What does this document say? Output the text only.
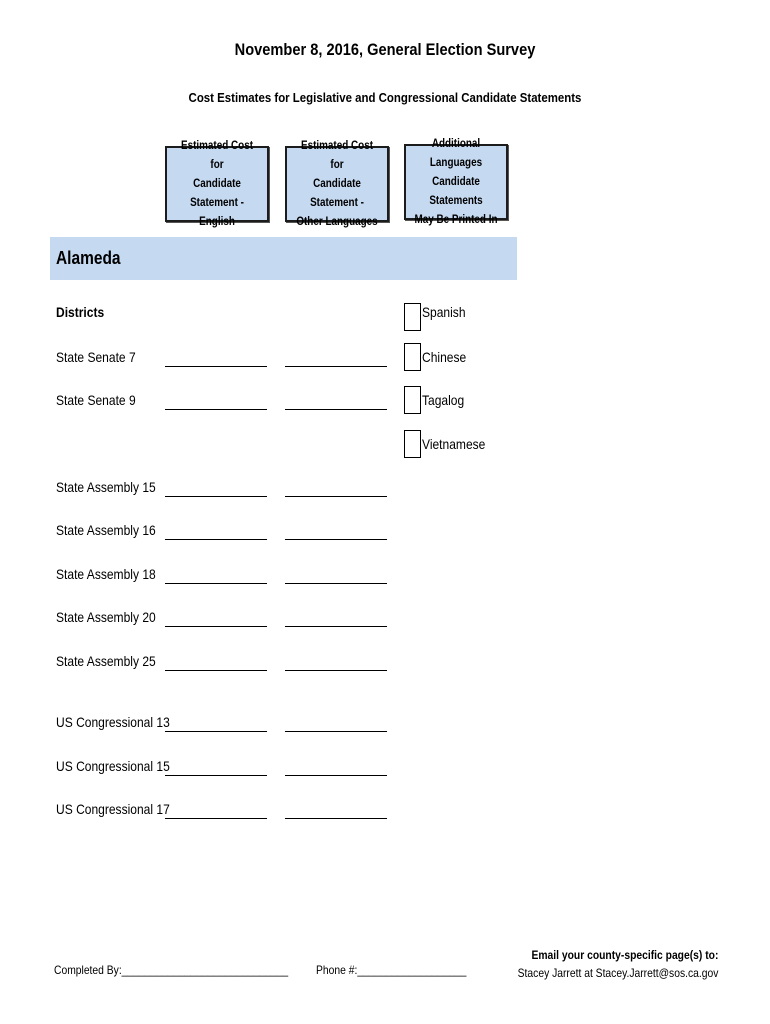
November 8, 2016, General Election Survey
Cost Estimates for Legislative and Congressional Candidate Statements
Estimated Cost for
Candidate Statement -
English
Estimated Cost for
Candidate Statement -
Other Languages
Additional Languages
Candidate Statements
May Be Printed In
Alameda
Districts
State Senate 7
State Senate 9
State Assembly 15
State Assembly 16
State Assembly 18
State Assembly 20
State Assembly 25
US Congressional 13
US Congressional 15
US Congressional 17
Spanish
Chinese
Tagalog
Vietnamese
Completed By:_____________________________ Phone #:___________________
Email your county-specific page(s) to:
Stacey Jarrett at Stacey.Jarrett@sos.ca.gov
